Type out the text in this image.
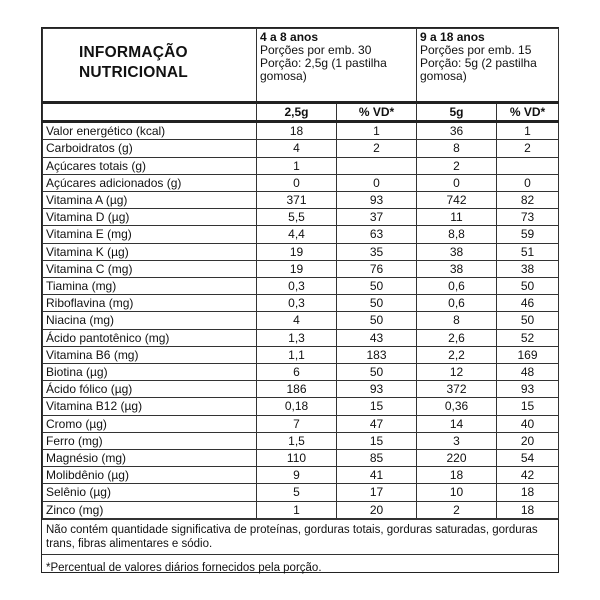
INFORMAÇÃO
NUTRICIONAL	4 a 8 anos
Porções por emb. 30
Porção: 2,5g (1 pastilha
gomosa)		9 a 18 anos
Porções por emb. 15
Porção: 5g (2 pastilha
gomosa)	

	2,5g	% VD*	5g	% VD*
Valor energético (kcal)	18	1	36	1
Carboidratos (g)	4	2	8	2
Açúcares totais (g)	1		2	
Açúcares adicionados (g)	0	0	0	0
Vitamina A (µg)	371	93	742	82
Vitamina D (µg)	5,5	37	11	73
Vitamina E (mg)	4,4	63	8,8	59
Vitamina K (µg)	19	35	38	51
Vitamina C (mg)	19	76	38	38
Tiamina (mg)	0,3	50	0,6	50
Riboflavina (mg)	0,3	50	0,6	46
Niacina (mg)	4	50	8	50
Ácido pantotênico (mg)	1,3	43	2,6	52
Vitamina B6 (mg)	1,1	183	2,2	169
Biotina (µg)	6	50	12	48
Ácido fólico (µg)	186	93	372	93
Vitamina B12 (µg)	0,18	15	0,36	15
Cromo (µg)	7	47	14	40
Ferro (mg)	1,5	15	3	20
Magnésio (mg)	110	85	220	54
Molibdênio (µg)	9	41	18	42
Selênio (µg)	5	17	10	18
Zinco (mg)	1	20	2	18
Não contém quantidade significativa de proteínas, gorduras totais, gorduras saturadas, gorduras trans, fibras alimentares e sódio.
*Percentual de valores diários fornecidos pela porção.
